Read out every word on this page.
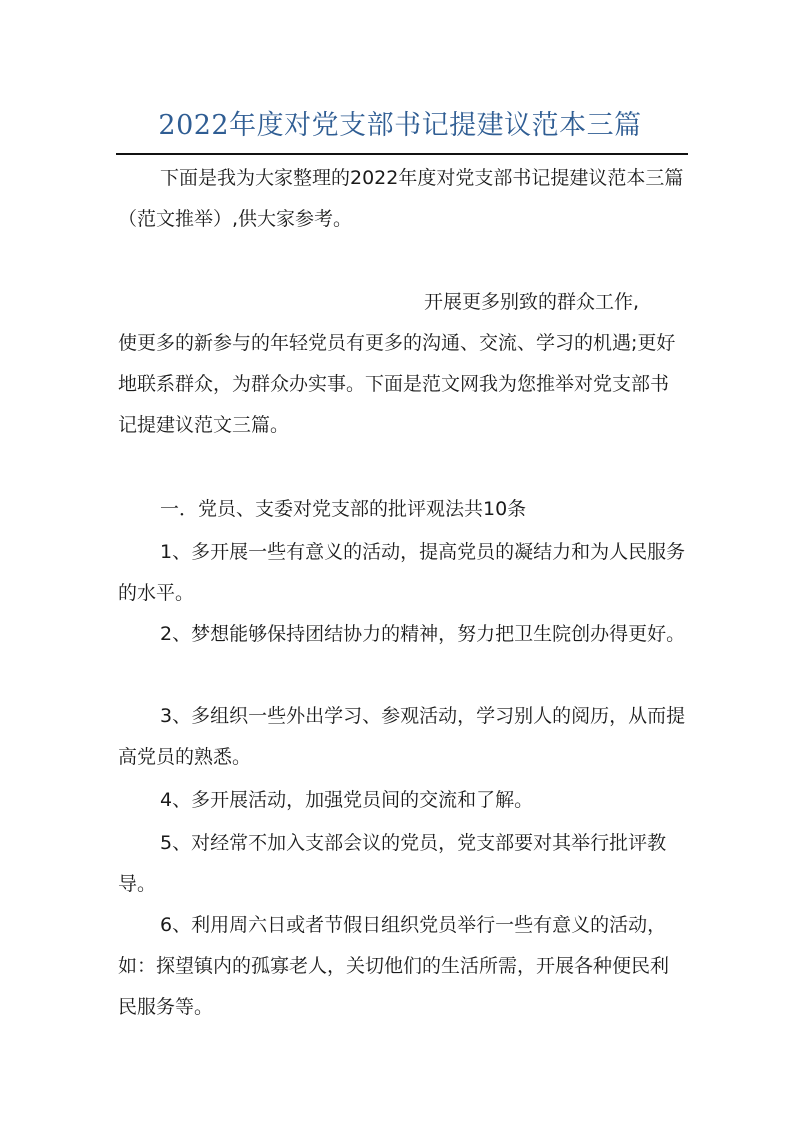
2022年度对党支部书记提建议范本三篇

下面是我为大家整理的2022年度对党支部书记提建议范本三篇（范文推举）,供大家参考。

开展更多别致的群众工作,
使更多的新参与的年轻党员有更多的沟通、交流、学习的机遇;更好地联系群众，为群众办实事。下面是范文网我为您推举对党支部书记提建议范文三篇。

一．党员、支委对党支部的批评观法共10条

1、多开展一些有意义的活动，提高党员的凝结力和为人民服务的水平。

2、梦想能够保持团结协力的精神，努力把卫生院创办得更好。

3、多组织一些外出学习、参观活动，学习别人的阅历，从而提高党员的熟悉。

4、多开展活动，加强党员间的交流和了解。

5、对经常不加入支部会议的党员，党支部要对其举行批评教导。

6、利用周六日或者节假日组织党员举行一些有意义的活动，如：探望镇内的孤寡老人，关切他们的生活所需，开展各种便民利民服务等。
